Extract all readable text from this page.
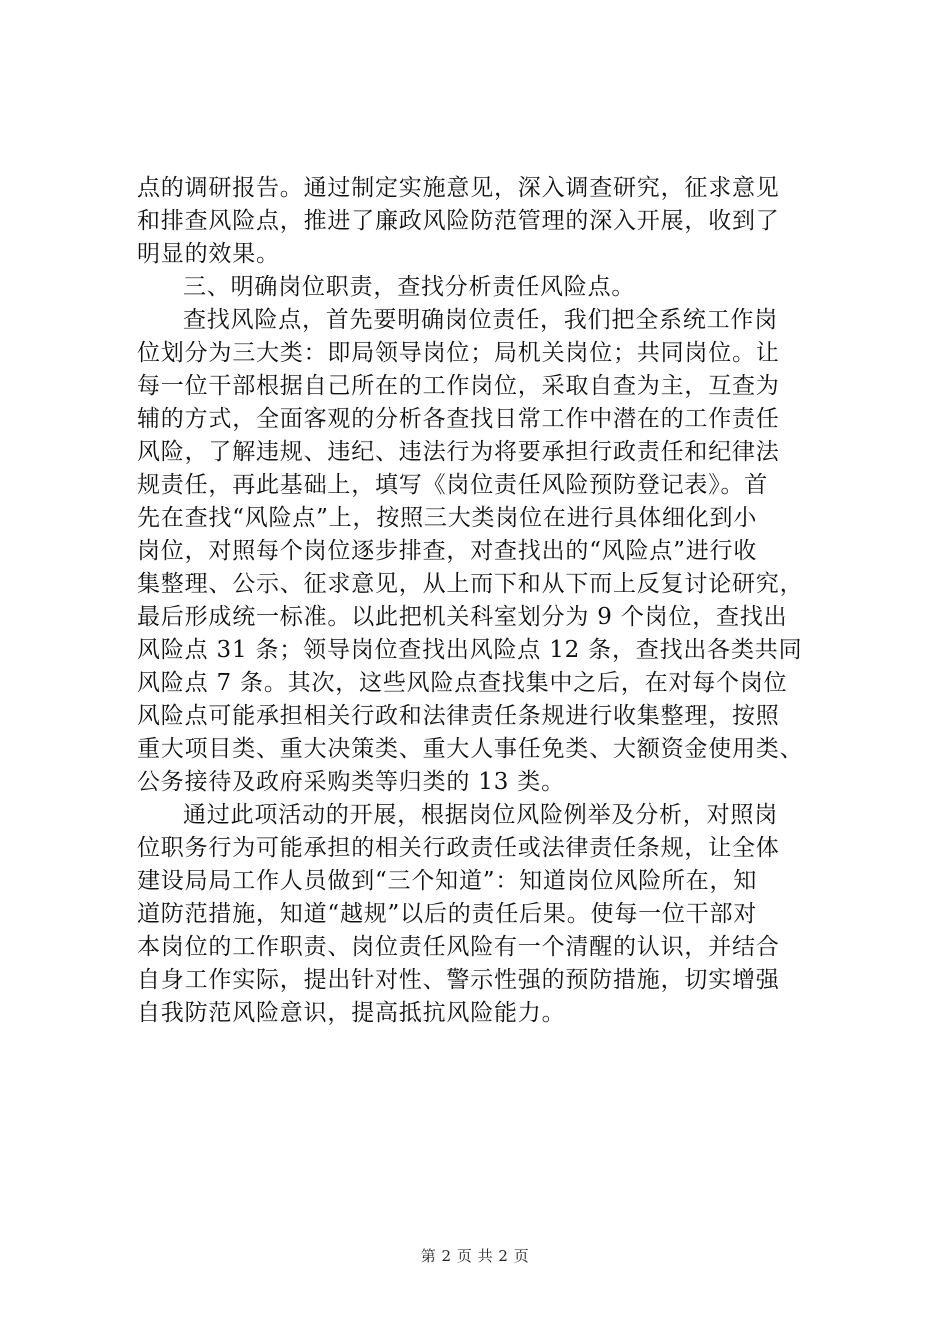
点的调研报告。通过制定实施意见，深入调查研究，征求意见
和排查风险点，推进了廉政风险防范管理的深入开展，收到了
明显的效果。
三、明确岗位职责，查找分析责任风险点。
查找风险点，首先要明确岗位责任，我们把全系统工作岗
位划分为三大类：即局领导岗位；局机关岗位；共同岗位。让
每一位干部根据自己所在的工作岗位，采取自查为主，互查为
辅的方式，全面客观的分析各查找日常工作中潜在的工作责任
风险，了解违规、违纪、违法行为将要承担行政责任和纪律法
规责任，再此基础上，填写《岗位责任风险预防登记表》。首
先在查找“风险点”上，按照三大类岗位在进行具体细化到小
岗位，对照每个岗位逐步排查，对查找出的“风险点”进行收
集整理、公示、征求意见，从上而下和从下而上反复讨论研究，
最后形成统一标准。以此把机关科室划分为 9 个岗位，查找出
风险点 31 条；领导岗位查找出风险点 12 条，查找出各类共同
风险点 7 条。其次，这些风险点查找集中之后，在对每个岗位
风险点可能承担相关行政和法律责任条规进行收集整理，按照
重大项目类、重大决策类、重大人事任免类、大额资金使用类、
公务接待及政府采购类等归类的 13 类。
通过此项活动的开展，根据岗位风险例举及分析，对照岗
位职务行为可能承担的相关行政责任或法律责任条规，让全体
建设局局工作人员做到“三个知道”：知道岗位风险所在，知
道防范措施，知道“越规”以后的责任后果。使每一位干部对
本岗位的工作职责、岗位责任风险有一个清醒的认识，并结合
自身工作实际，提出针对性、警示性强的预防措施，切实增强
自我防范风险意识，提高抵抗风险能力。
第 2 页 共 2 页
